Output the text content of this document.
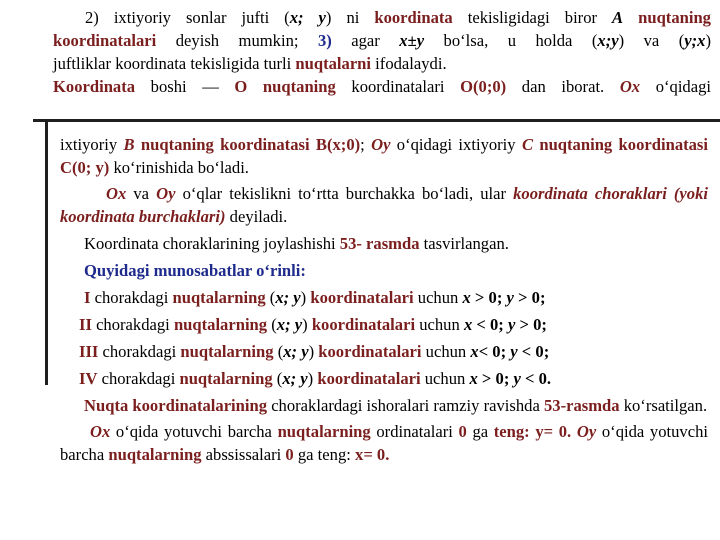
2) ixtiyoriy sonlar jufti (x; y) ni koordinata tekisligidagi biror A nuqtaning

koordinatalari deyish mumkin; 3) agar x±y bo‘lsa, u holda (x;y) va (y;x)

juftliklar koordinata tekisligida turli nuqtalarni ifodalaydi.

Koordinata boshi — O nuqtaning koordinatalari O(0;0) dan iborat. Ox o‘qidagi

ixtiyoriy B nuqtaning koordinatasi B(x;0); Oy o‘qidagi ixtiyoriy C nuqtaning koordinatasi C(0; y) ko‘rinishida bo‘ladi.

Ox va Oy o‘qlar tekislikni to‘rtta burchakka bo‘ladi, ular koordinata choraklari (yoki koordinata burchaklari) deyiladi.

Koordinata choraklarining joylashishi 53- rasmda tasvirlangan.

Quyidagi munosabatlar o‘rinli:

I chorakdagi nuqtalarning (x; y) koordinatalari uchun x > 0; y > 0;

II chorakdagi nuqtalarning (x; y) koordinatalari uchun x < 0; y > 0;

III chorakdagi nuqtalarning (x; y) koordinatalari uchun x< 0; y < 0;

IV chorakdagi nuqtalarning (x; y) koordinatalari uchun x > 0; y < 0.

Nuqta koordinatalarining choraklardagi ishoralari ramziy ravishda 53-rasmda ko‘rsatilgan.

Ox o‘qida yotuvchi barcha nuqtalarning ordinatalari 0 ga teng: y= 0. Oy o‘qida yotuvchi barcha nuqtalarning abssissalari 0 ga teng: x= 0.
